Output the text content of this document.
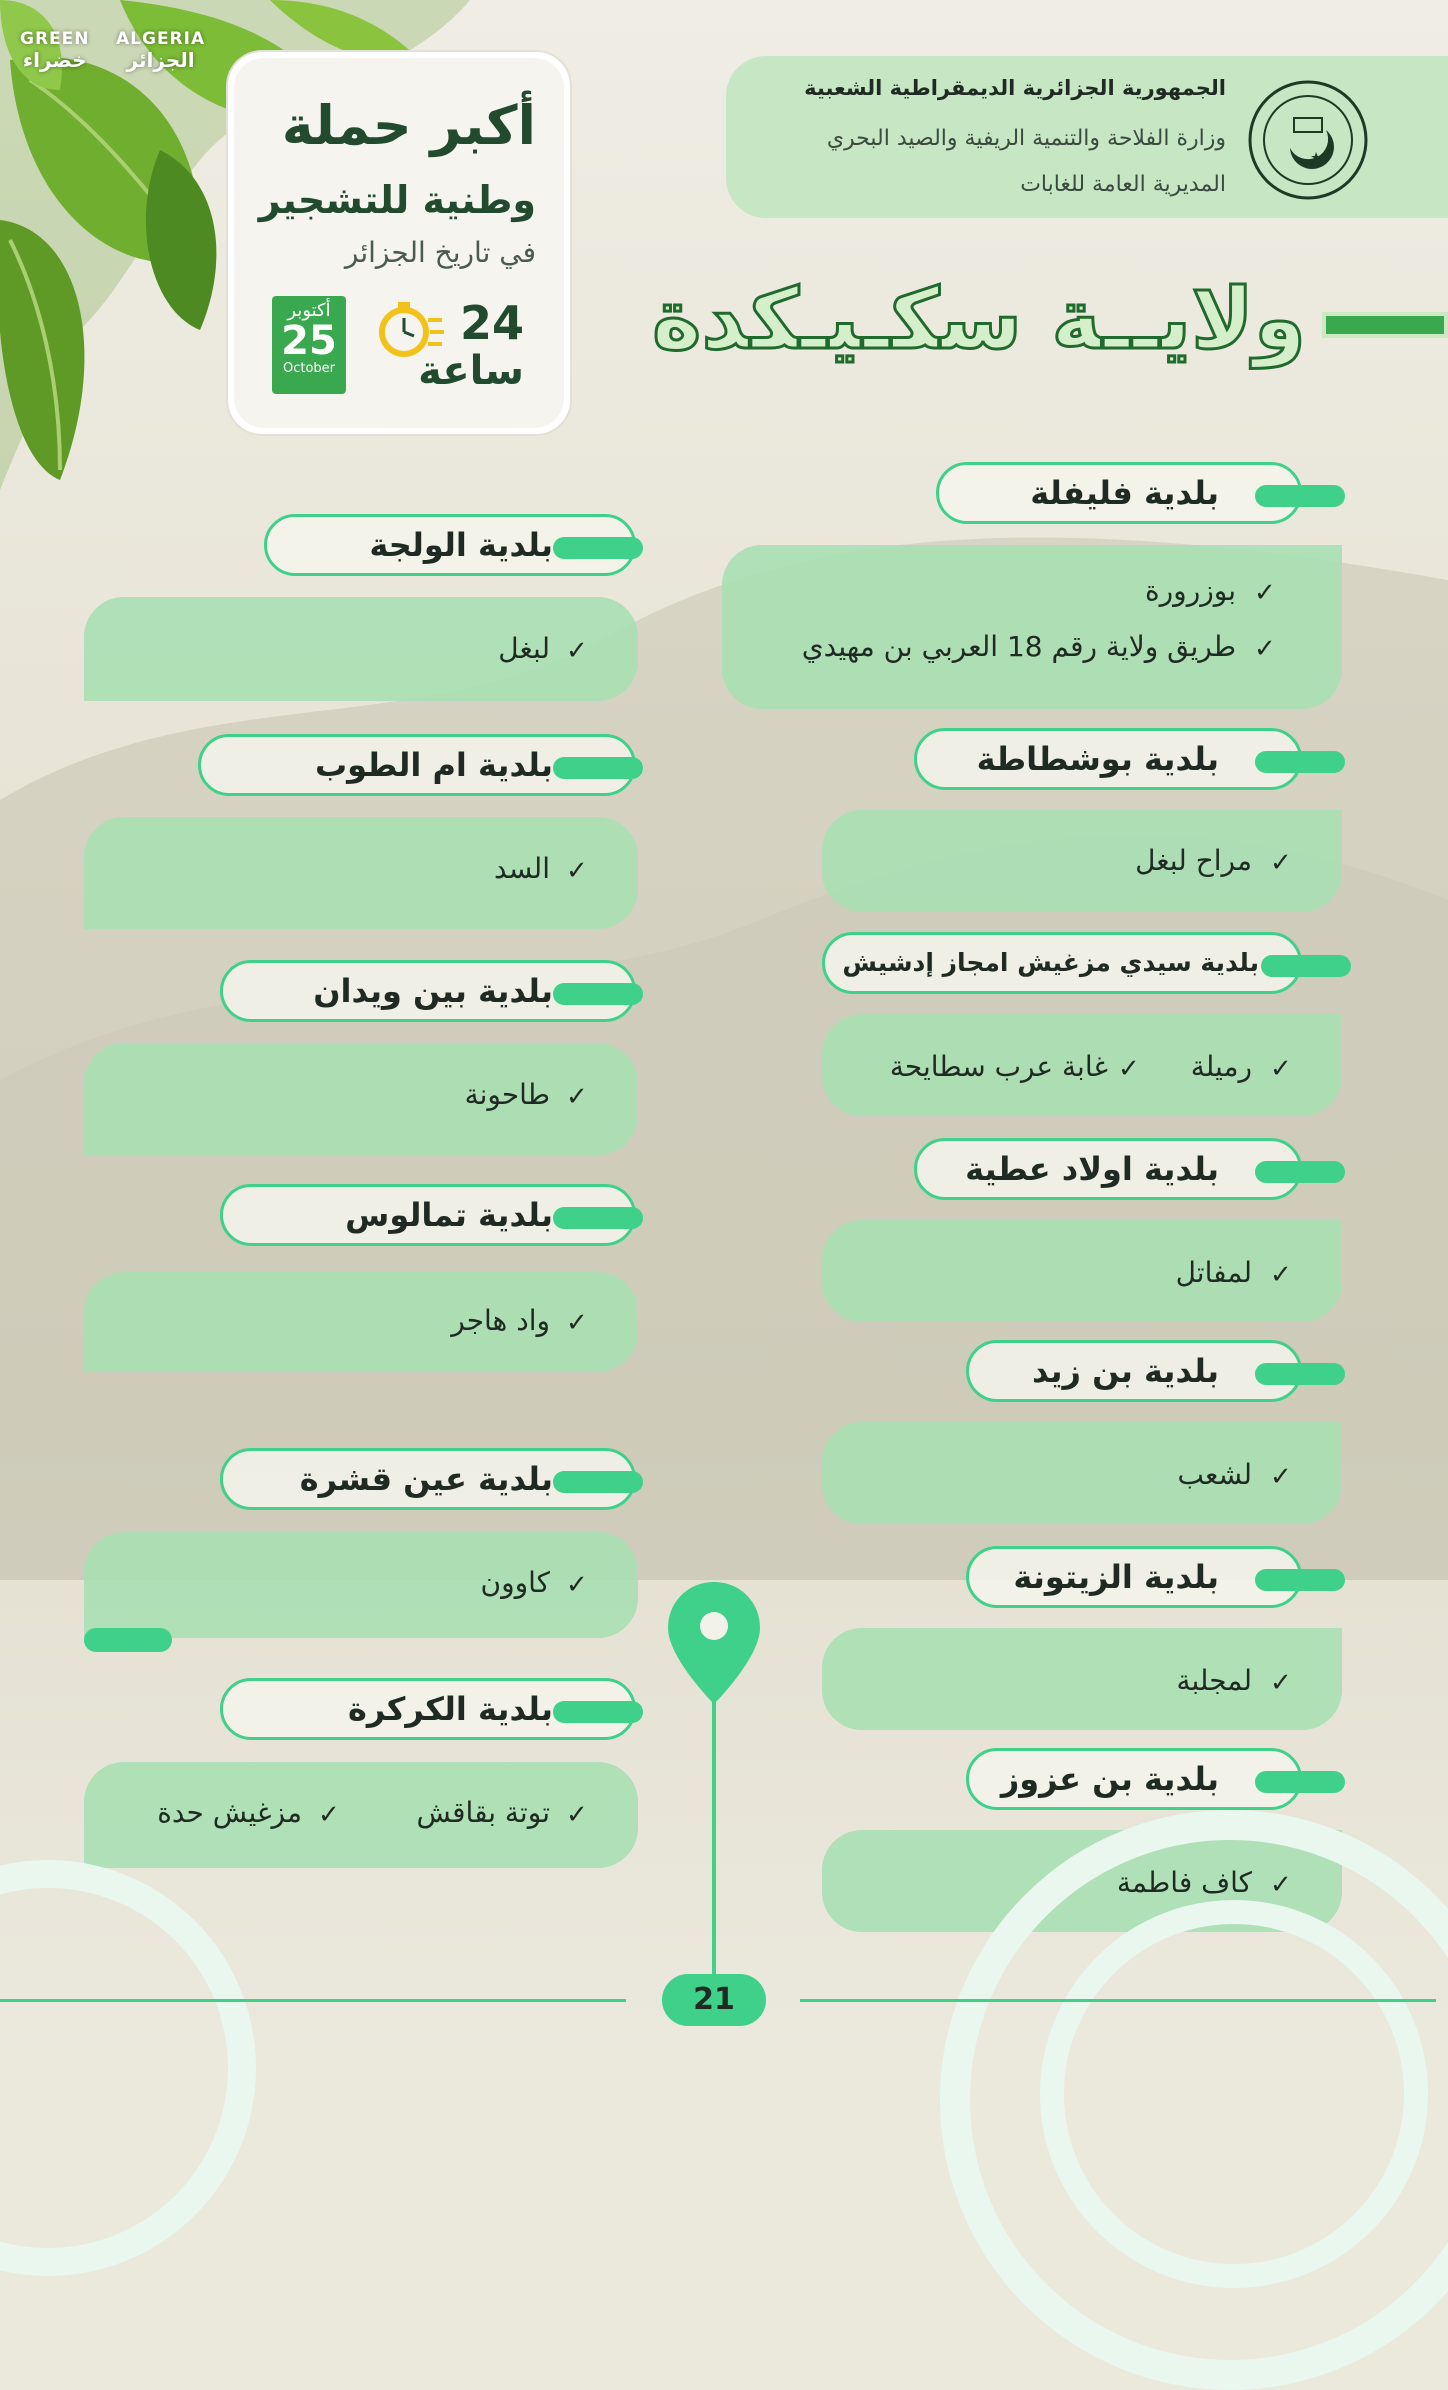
GREEN
خضراء
ALGERIA
الجزائر
أكبر حملة
وطنية للتشجير
في تاريخ الجزائر
أكتوبر
25
October
24
ساعة
الجمهورية الجزائرية الديمقراطية الشعبية
وزارة الفلاحة والتنمية الريفية والصيد البحري
المديرية العامة للغابات
ولايــة سكـيـكدة
بلدية فليفلة
✓
بوزرورة
✓
طريق ولاية رقم 18 العربي بن مهيدي
بلدية بوشطاطة
✓
مراح لبغل
بلدية سيدي مزغيش امجاز إدشيش
✓
رميلة
✓
غابة عرب سطايحة
بلدية اولاد عطية
✓
لمفاتل
بلدية بن زيد
✓
لشعب
بلدية الزيتونة
✓
لمجلبة
بلدية بن عزوز
✓
كاف فاطمة
بلدية الولجة
✓
لبغل
بلدية ام الطوب
✓
السد
بلدية بين ويدان
✓
طاحونة
بلدية تمالوس
✓
واد هاجر
بلدية عين قشرة
✓
كاوون
بلدية الكركرة
✓
توتة بقاقش
✓
مزغيش حدة
21
